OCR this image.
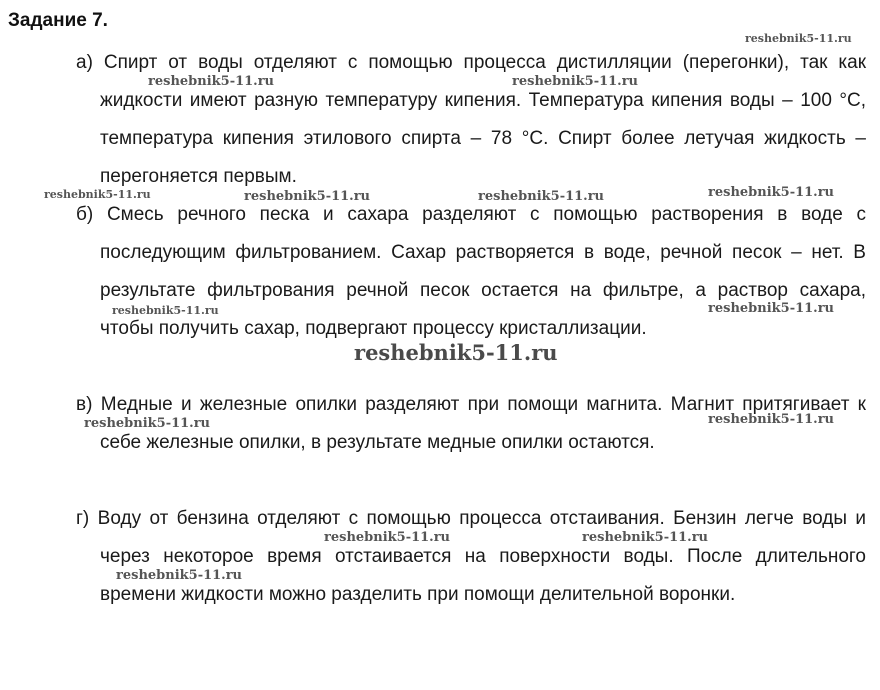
Задание 7.

а) Спирт от воды отделяют с помощью процесса дистилляции (перегонки), так как жидкости имеют разную температуру кипения. Температура кипения воды – 100 °С, температура кипения этилового спирта – 78 °С. Спирт более летучая жидкость – перегоняется первым.

б) Смесь речного песка и сахара разделяют с помощью растворения в воде с последующим фильтрованием. Сахар растворяется в воде, речной песок – нет. В результате фильтрования речной песок остается на фильтре, а раствор сахара, чтобы получить сахар, подвергают процессу кристаллизации.

в) Медные и железные опилки разделяют при помощи магнита. Магнит притягивает к себе железные опилки, в результате медные опилки остаются.

г) Воду от бензина отделяют с помощью процесса отстаивания. Бензин легче воды и через некоторое время отстаивается на поверхности воды. После длительного времени жидкости можно разделить при помощи делительной воронки.

reshebnik5-11.ru
reshebnik5-11.ru	reshebnik5-11.ru
reshebnik5-11.ru	reshebnik5-11.ru	reshebnik5-11.ru	reshebnik5-11.ru
reshebnik5-11.ru	reshebnik5-11.ru
reshebnik5-11.ru
reshebnik5-11.ru	reshebnik5-11.ru
reshebnik5-11.ru	reshebnik5-11.ru
reshebnik5-11.ru
